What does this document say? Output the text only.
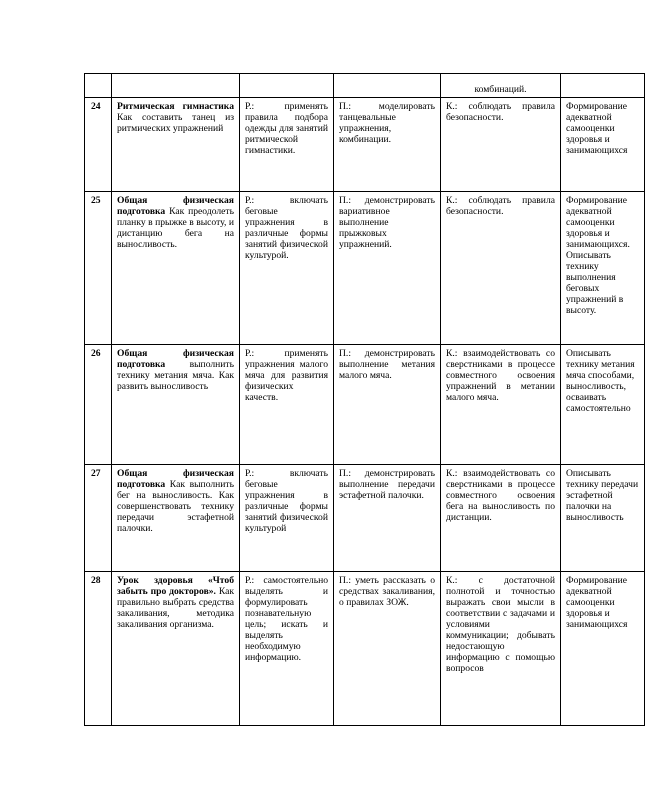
				комбинаций.	
24	Ритмическая гимнастика Как составить танец из ритмических упражнений	Р.: применять правила подбора одежды для занятий ритмической гимнастики.	П.: моделировать танцевальные упражнения, комбинации.	К.: соблюдать правила безопасности.	Формирование адекватной самооценки здоровья и занимающихся
25	Общая физическая подготовка Как преодолеть планку в прыжке в высоту, и дистанцию бега на выносливость.	Р.: включать беговые упражнения в различные формы занятий физической культурой.	П.: демонстрировать вариативное выполнение прыжковых упражнений.	К.: соблюдать правила безопасности.	Формирование адекватной самооценки здоровья и занимающихся. Описывать технику выполнения беговых упражнений в высоту.
26	Общая физическая подготовка выполнить технику метания мяча. Как развить выносливость	Р.: применять упражнения малого мяча для развития физических качеств.	П.: демонстрировать выполнение метания малого мяча.	К.: взаимодействовать со сверстниками в процессе совместного освоения упражнений в метании малого мяча.	Описывать технику метания мяча способами, выносливость, осваивать самостоятельно
27	Общая физическая подготовка Как выполнить бег на выносливость. Как совершенствовать технику передачи эстафетной палочки.	Р.: включать беговые упражнения в различные формы занятий физической культурой	П.: демонстрировать выполнение передачи эстафетной палочки.	К.: взаимодействовать со сверстниками в процессе совместного освоения бега на выносливость по дистанции.	Описывать технику передачи эстафетной палочки на выносливость
28	Урок здоровья «Чтоб забыть про докторов». Как правильно выбрать средства закаливания, методика закаливания организма.	Р.: самостоятельно выделять и формулировать познавательную цель; искать и выделять необходимую информацию.	П.: уметь рассказать о средствах закаливания, о правилах ЗОЖ.	К.: с достаточной полнотой и точностью выражать свои мысли в соответствии с задачами и условиями коммуникации; добывать недостающую информацию с помощью вопросов	Формирование адекватной самооценки здоровья и занимающихся
